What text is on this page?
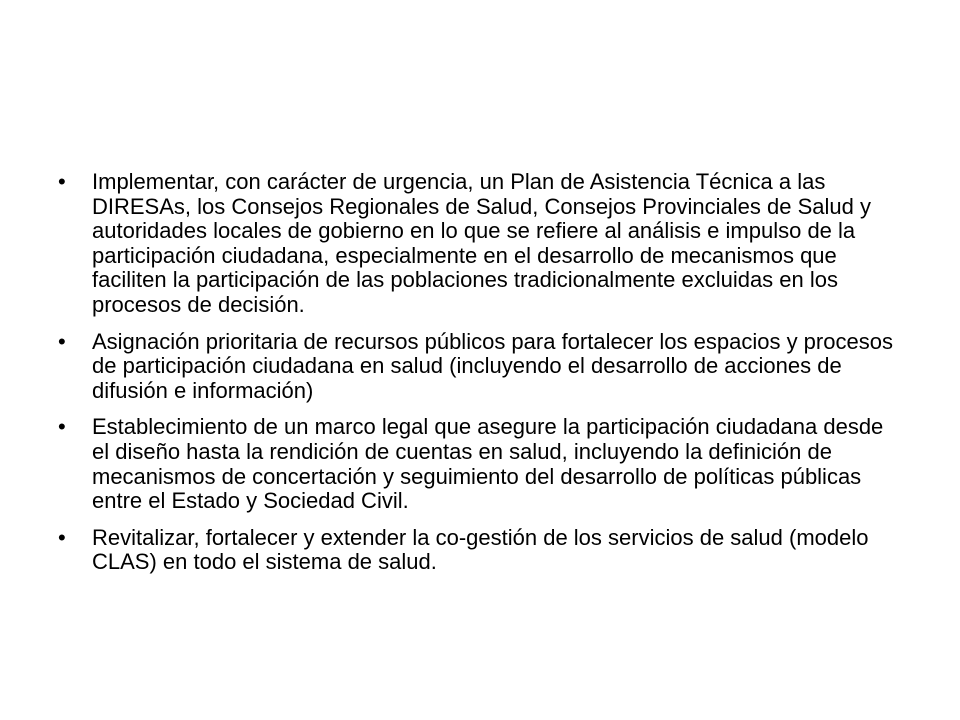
• Implementar, con carácter de urgencia, un Plan de Asistencia Técnica a las DIRESAs, los Consejos Regionales de Salud, Consejos Provinciales de Salud y autoridades locales de gobierno en lo que se refiere al análisis e impulso de la participación ciudadana, especialmente en el desarrollo de mecanismos que faciliten la participación de las poblaciones tradicionalmente excluidas en los procesos de decisión.
• Asignación prioritaria de recursos públicos para fortalecer los espacios y procesos de participación ciudadana en salud (incluyendo el desarrollo de acciones de difusión e información)
• Establecimiento de un marco legal que asegure la participación ciudadana desde el diseño hasta la rendición de cuentas en salud, incluyendo la definición de mecanismos de concertación y seguimiento del desarrollo de políticas públicas entre el Estado y Sociedad Civil.
• Revitalizar, fortalecer y extender la co-gestión de los servicios de salud (modelo CLAS) en todo el sistema de salud.
